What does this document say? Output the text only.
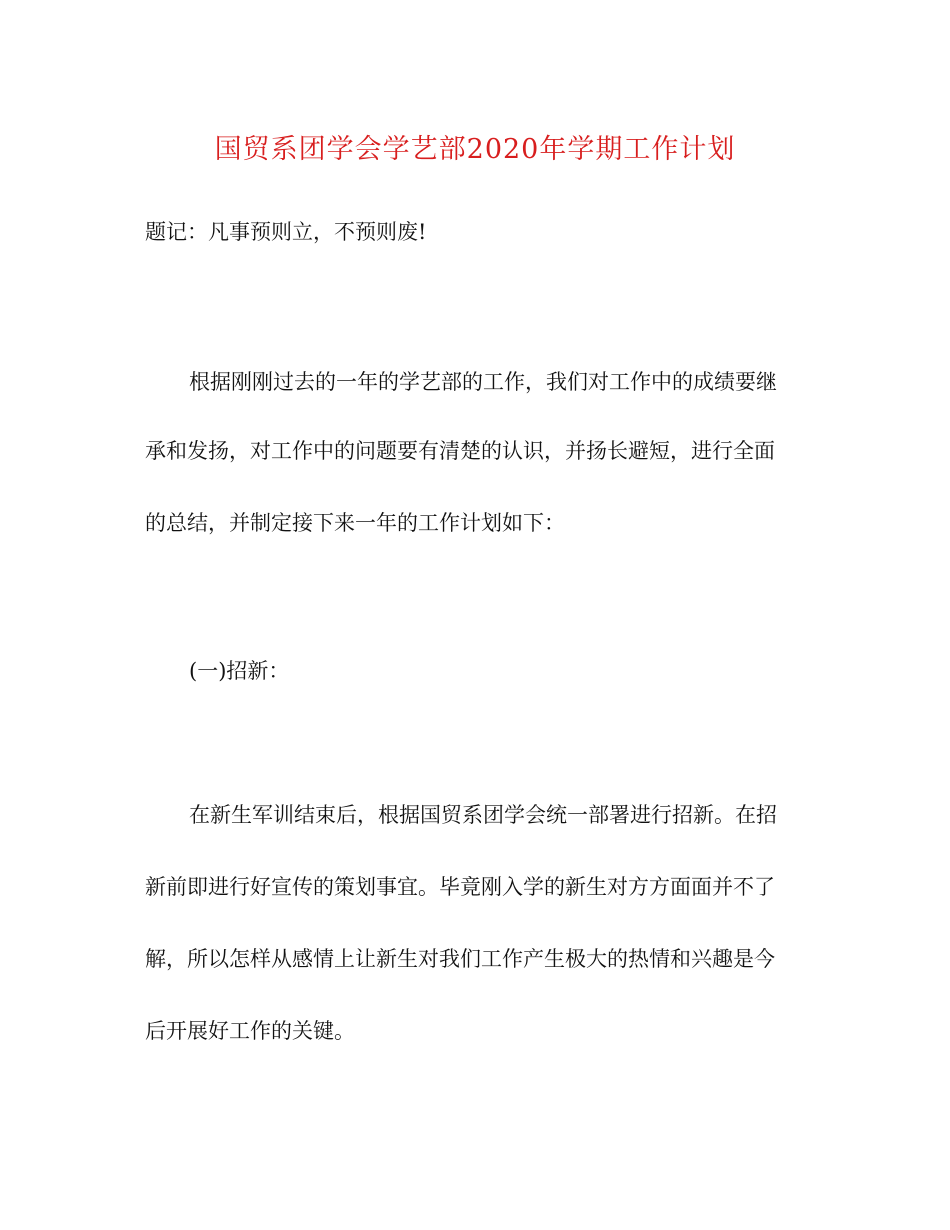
国贸系团学会学艺部2020年学期工作计划
题记：凡事预则立，不预则废!
根据刚刚过去的一年的学艺部的工作，我们对工作中的成绩要继
承和发扬，对工作中的问题要有清楚的认识，并扬长避短，进行全面
的总结，并制定接下来一年的工作计划如下：
(一)招新：
在新生军训结束后，根据国贸系团学会统一部署进行招新。在招
新前即进行好宣传的策划事宜。毕竟刚入学的新生对方方面面并不了
解，所以怎样从感情上让新生对我们工作产生极大的热情和兴趣是今
后开展好工作的关键。
